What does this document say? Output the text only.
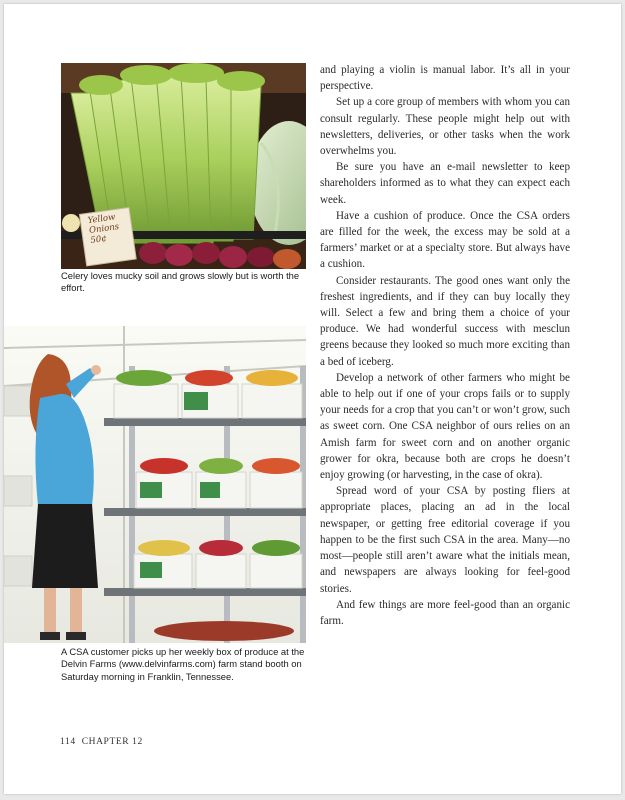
Yellow Onions 50¢
Celery loves mucky soil and grows slowly but is worth the effort.
A CSA customer picks up her weekly box of produce at the Delvin Farms (www.delvinfarms.com) farm stand booth on Saturday morning in Franklin, Tennessee.

and playing a violin is manual labor. It’s all in your perspective.

Set up a core group of members with whom you can consult regularly. These people might help out with newsletters, deliveries, or other tasks when the work overwhelms you.

Be sure you have an e-mail newsletter to keep shareholders informed as to what they can expect each week.

Have a cushion of produce. Once the CSA orders are filled for the week, the excess may be sold at a farmers’ market or at a specialty store. But always have a cushion.

Consider restaurants. The good ones want only the freshest ingredients, and if they can buy locally they will. Select a few and bring them a choice of your produce. We had wonderful success with mesclun greens because they looked so much more exciting than a bed of iceberg.

Develop a network of other farmers who might be able to help out if one of your crops fails or to supply your needs for a crop that you can’t or won’t grow, such as sweet corn. One CSA neighbor of ours relies on an Amish farm for sweet corn and on another organic grower for okra, because both are crops he doesn’t enjoy growing (or harvesting, in the case of okra).

Spread word of your CSA by posting fliers at appropriate places, placing an ad in the local newspaper, or getting free editorial coverage if you happen to be the first such CSA in the area. Many—no most—people still aren’t aware what the initials mean, and newspapers are always looking for feel-good stories.

And few things are more feel-good than an organic farm.

114 CHAPTER 12
